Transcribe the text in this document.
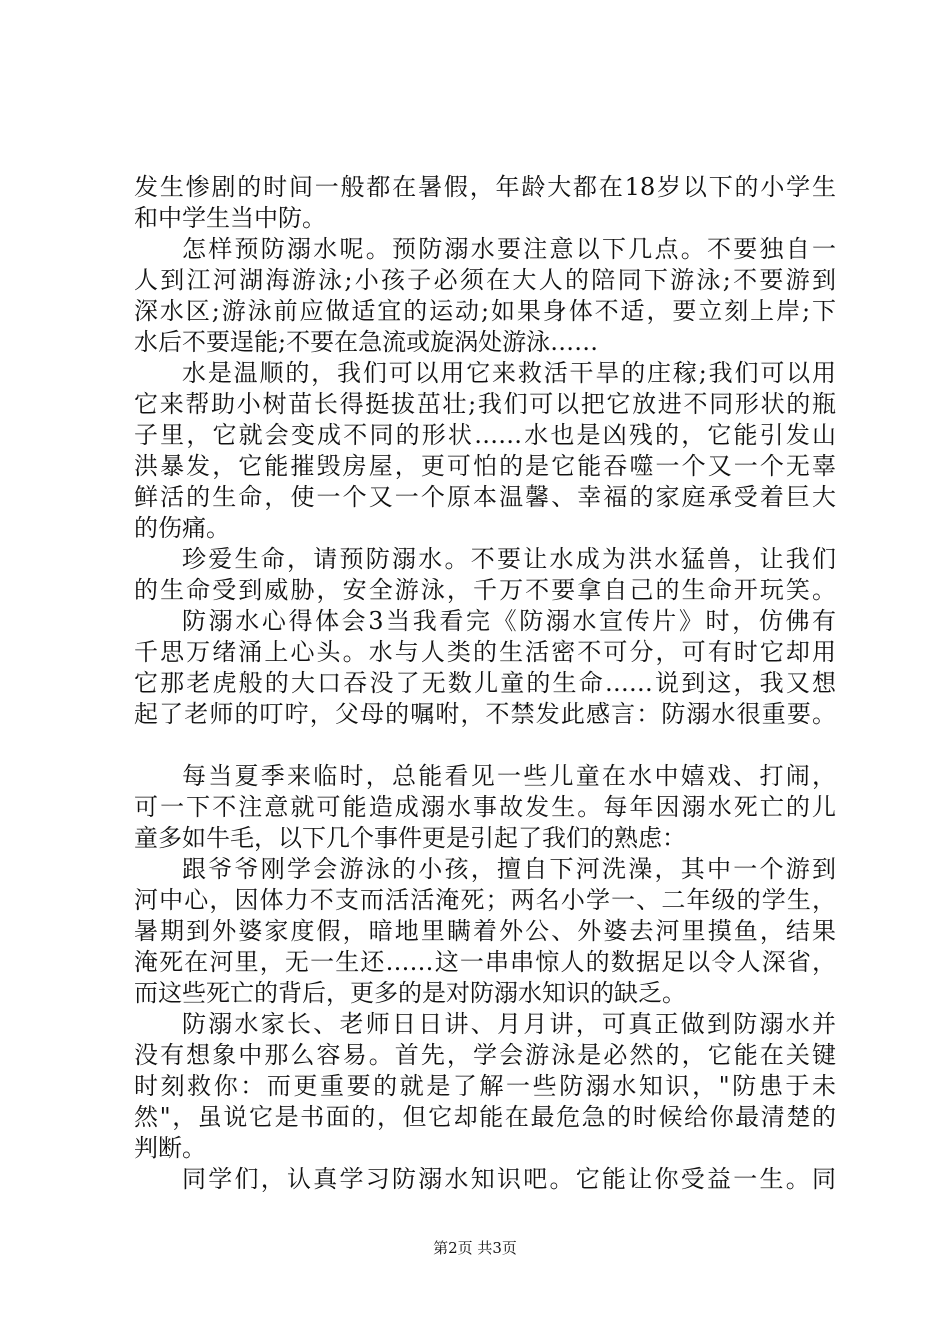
发生惨剧的时间一般都在暑假，年龄大都在18岁以下的小学生
和中学生当中防。
怎样预防溺水呢。预防溺水要注意以下几点。不要独自一
人到江河湖海游泳;小孩子必须在大人的陪同下游泳;不要游到
深水区;游泳前应做适宜的运动;如果身体不适，要立刻上岸;下
水后不要逞能;不要在急流或旋涡处游泳……
水是温顺的，我们可以用它来救活干旱的庄稼;我们可以用
它来帮助小树苗长得挺拔茁壮;我们可以把它放进不同形状的瓶
子里，它就会变成不同的形状……水也是凶残的，它能引发山
洪暴发，它能摧毁房屋，更可怕的是它能吞噬一个又一个无辜
鲜活的生命，使一个又一个原本温馨、幸福的家庭承受着巨大
的伤痛。
珍爱生命，请预防溺水。不要让水成为洪水猛兽，让我们
的生命受到威胁，安全游泳，千万不要拿自己的生命开玩笑。
防溺水心得体会3当我看完《防溺水宣传片》时，仿佛有
千思万绪涌上心头。水与人类的生活密不可分，可有时它却用
它那老虎般的大口吞没了无数儿童的生命……说到这，我又想
起了老师的叮咛，父母的嘱咐，不禁发此感言：防溺水很重要。
每当夏季来临时，总能看见一些儿童在水中嬉戏、打闹，
可一下不注意就可能造成溺水事故发生。每年因溺水死亡的儿
童多如牛毛，以下几个事件更是引起了我们的熟虑：
跟爷爷刚学会游泳的小孩，擅自下河洗澡，其中一个游到
河中心，因体力不支而活活淹死；两名小学一、二年级的学生，
暑期到外婆家度假，暗地里瞒着外公、外婆去河里摸鱼，结果
淹死在河里，无一生还……这一串串惊人的数据足以令人深省，
而这些死亡的背后，更多的是对防溺水知识的缺乏。
防溺水家长、老师日日讲、月月讲，可真正做到防溺水并
没有想象中那么容易。首先，学会游泳是必然的，它能在关键
时刻救你：而更重要的就是了解一些防溺水知识，"防患于未
然"，虽说它是书面的，但它却能在最危急的时候给你最清楚的
判断。
同学们，认真学习防溺水知识吧。它能让你受益一生。同
第2页 共3页
